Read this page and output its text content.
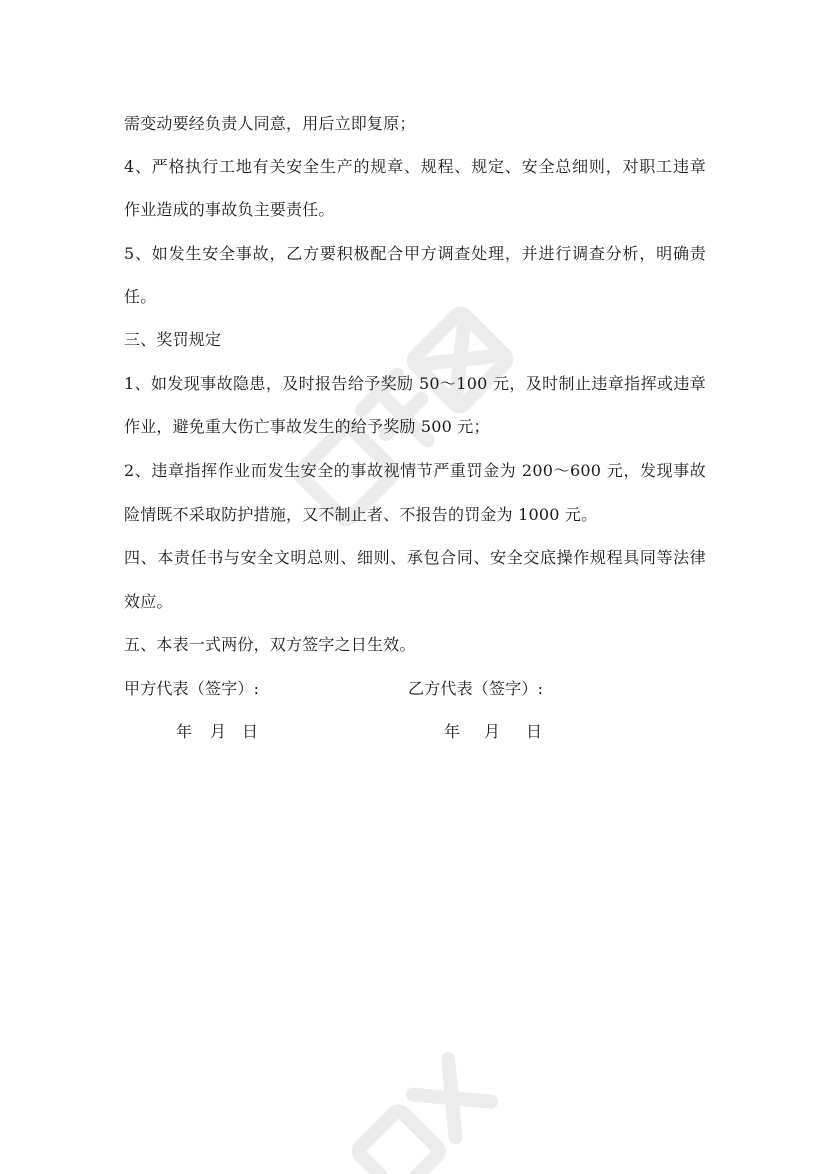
需变动要经负责人同意，用后立即复原；
4、严格执行工地有关安全生产的规章、规程、规定、安全总细则，对职工违章
作业造成的事故负主要责任。
5、如发生安全事故，乙方要积极配合甲方调查处理，并进行调查分析，明确责
任。
三、奖罚规定
1、如发现事故隐患，及时报告给予奖励 50～100 元，及时制止违章指挥或违章
作业，避免重大伤亡事故发生的给予奖励 500 元；
2、违章指挥作业而发生安全的事故视情节严重罚金为 200～600 元，发现事故
险情既不采取防护措施，又不制止者、不报告的罚金为 1000 元。
四、本责任书与安全文明总则、细则、承包合同、安全交底操作规程具同等法律
效应。
五、本表一式两份，双方签字之日生效。
甲方代表（签字）:	乙方代表（签字）:
年 月 日	年 月 日
